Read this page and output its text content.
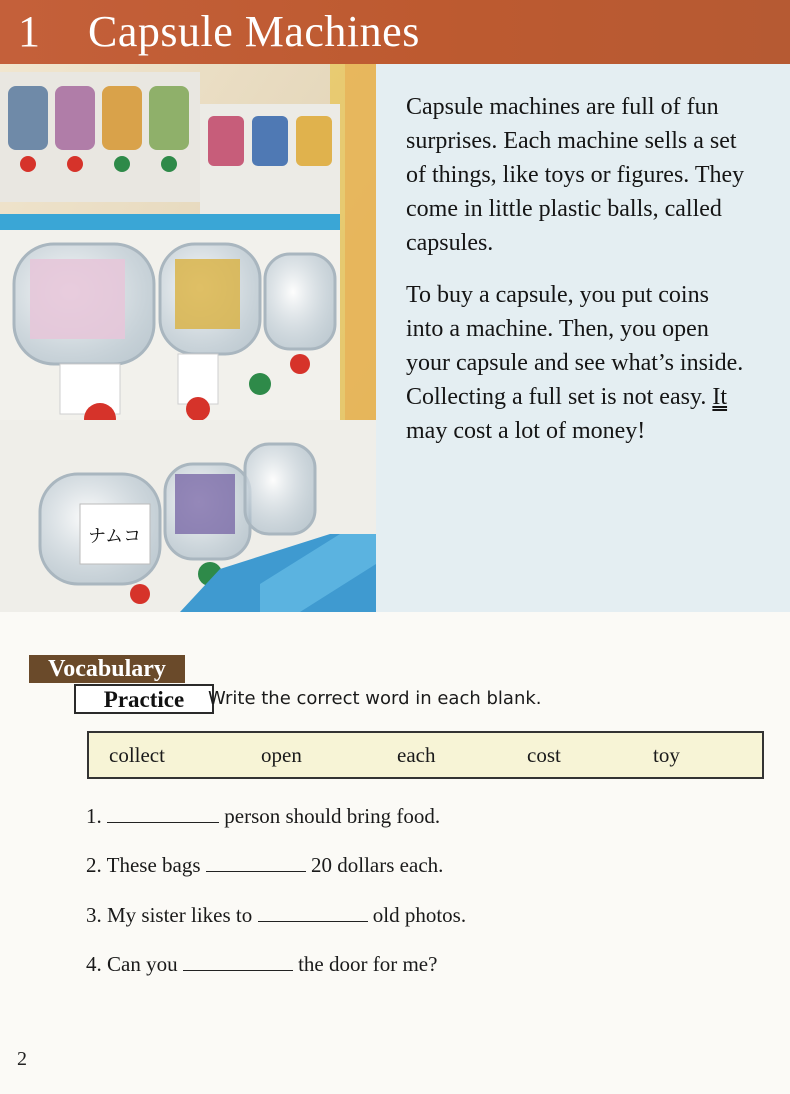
1 Capsule Machines
ナムコ

Capsule machines are full of fun surprises. Each machine sells a set of things, like toys or figures. They come in little plastic balls, called capsules.

To buy a capsule, you put coins into a machine. Then, you open your capsule and see what’s inside. Collecting a full set is not easy. It may cost a lot of money!

Vocabulary
Practice	Write the correct word in each blank.
collect	open	each	cost	toy
1.	person should bring food.
2. These bags	20 dollars each.
3. My sister likes to	old photos.
4. Can you	the door for me?
2
